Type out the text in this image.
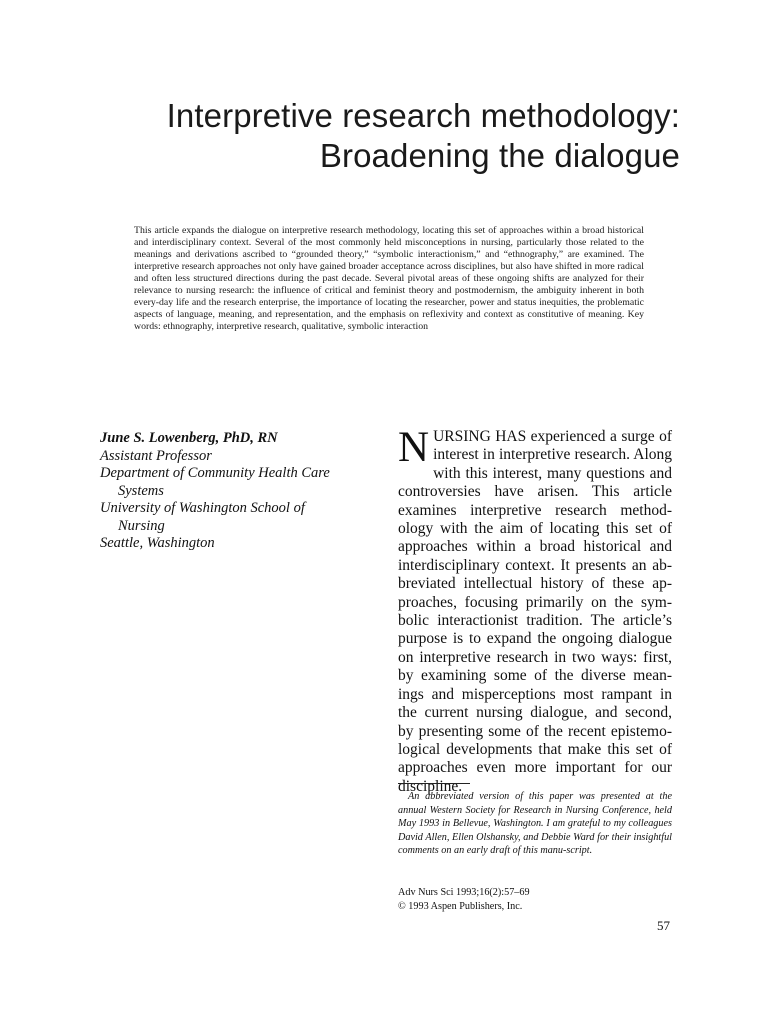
Interpretive research methodology:
Broadening the dialogue

This article expands the dialogue on interpretive research methodology, locating this set of approaches within a broad historical and interdisciplinary context. Several of the most commonly held misconceptions in nursing, particularly those related to the meanings and derivations ascribed to “grounded theory,” “symbolic interactionism,” and “ethnography,” are examined. The interpretive research approaches not only have gained broader acceptance across disciplines, but also have shifted in more radical and often less structured directions during the past decade. Several pivotal areas of these ongoing shifts are analyzed for their relevance to nursing research: the influence of critical and feminist theory and postmodernism, the ambiguity inherent in both every-day life and the research enterprise, the importance of locating the researcher, power and status inequities, the problematic aspects of language, meaning, and representation, and the emphasis on reflexivity and context as constitutive of meaning. Key words: ethnography, interpretive research, qualitative, symbolic interaction

June S. Lowenberg, PhD, RN
Assistant Professor
Department of Community Health Care
Systems
University of Washington School of
Nursing
Seattle, Washington
NURSING HAS experienced a surge of interest in interpretive research. Along with this interest, many questions and controversies have arisen. This article examines interpretive research method-ology with the aim of locating this set of approaches within a broad historical and interdisciplinary context. It presents an ab-breviated intellectual history of these ap-proaches, focusing primarily on the sym-bolic interactionist tradition. The article’s purpose is to expand the ongoing dialogue on interpretive research in two ways: first, by examining some of the diverse mean-ings and misperceptions most rampant in the current nursing dialogue, and second, by presenting some of the recent epistemo-logical developments that make this set of approaches even more important for our discipline.

An abbreviated version of this paper was presented at the annual Western Society for Research in Nursing Conference, held May 1993 in Bellevue, Washington. I am grateful to my colleagues David Allen, Ellen Olshansky, and Debbie Ward for their insightful comments on an early draft of this manu-script.

Adv Nurs Sci 1993;16(2):57–69
© 1993 Aspen Publishers, Inc.
57
